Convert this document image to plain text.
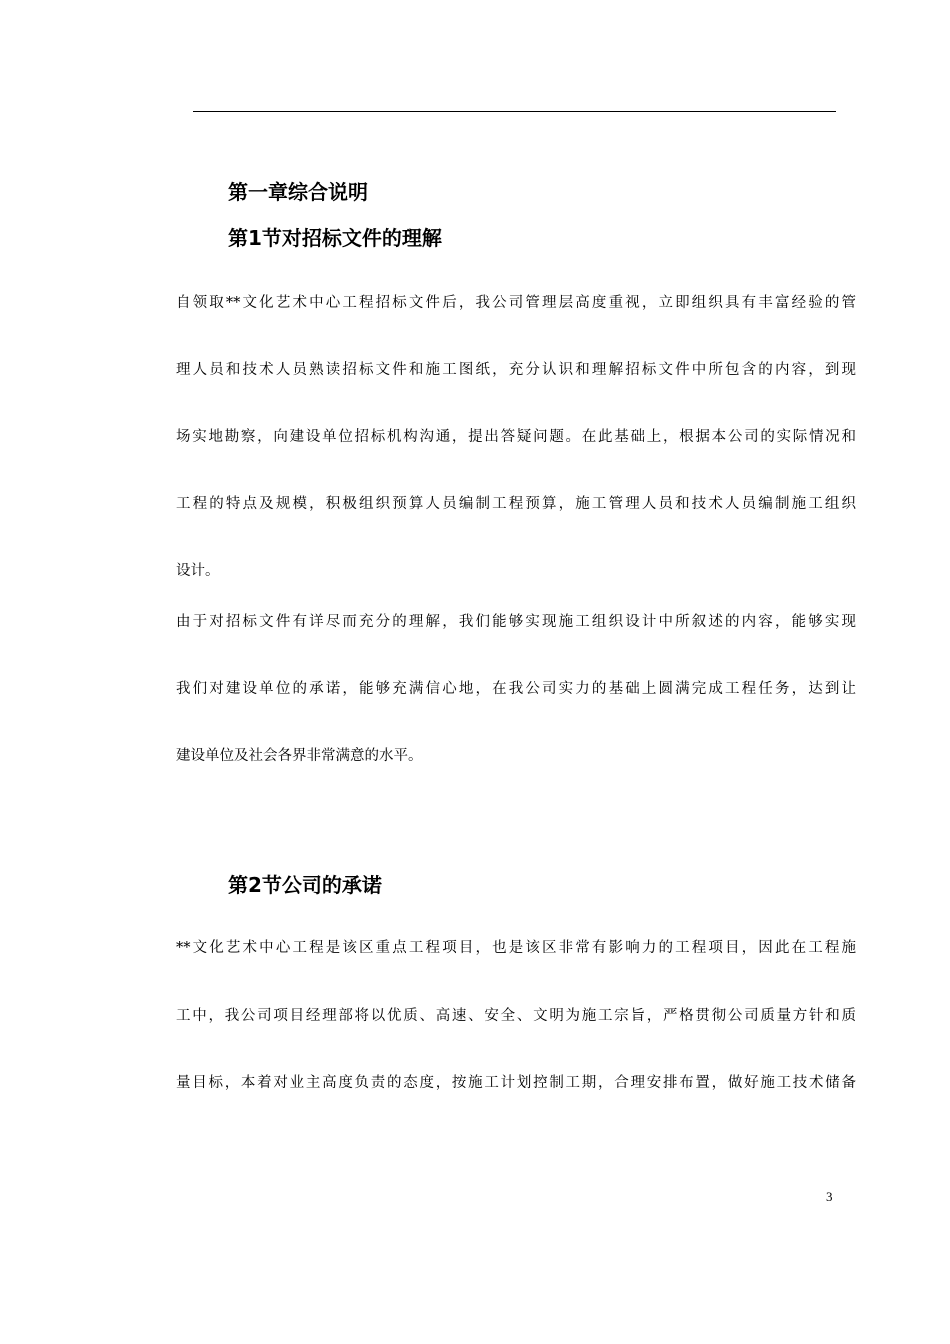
第一章综合说明
第1节对招标文件的理解
自领取**文化艺术中心工程招标文件后，我公司管理层高度重视，立即组织具有丰富经验的管
理人员和技术人员熟读招标文件和施工图纸，充分认识和理解招标文件中所包含的内容，到现
场实地勘察，向建设单位招标机构沟通，提出答疑问题。在此基础上，根据本公司的实际情况和
工程的特点及规模，积极组织预算人员编制工程预算，施工管理人员和技术人员编制施工组织
设计。
由于对招标文件有详尽而充分的理解，我们能够实现施工组织设计中所叙述的内容，能够实现
我们对建设单位的承诺，能够充满信心地，在我公司实力的基础上圆满完成工程任务，达到让
建设单位及社会各界非常满意的水平。
第2节公司的承诺
**文化艺术中心工程是该区重点工程项目，也是该区非常有影响力的工程项目，因此在工程施
工中，我公司项目经理部将以优质、高速、安全、文明为施工宗旨，严格贯彻公司质量方针和质
量目标，本着对业主高度负责的态度，按施工计划控制工期，合理安排布置，做好施工技术储备
3
